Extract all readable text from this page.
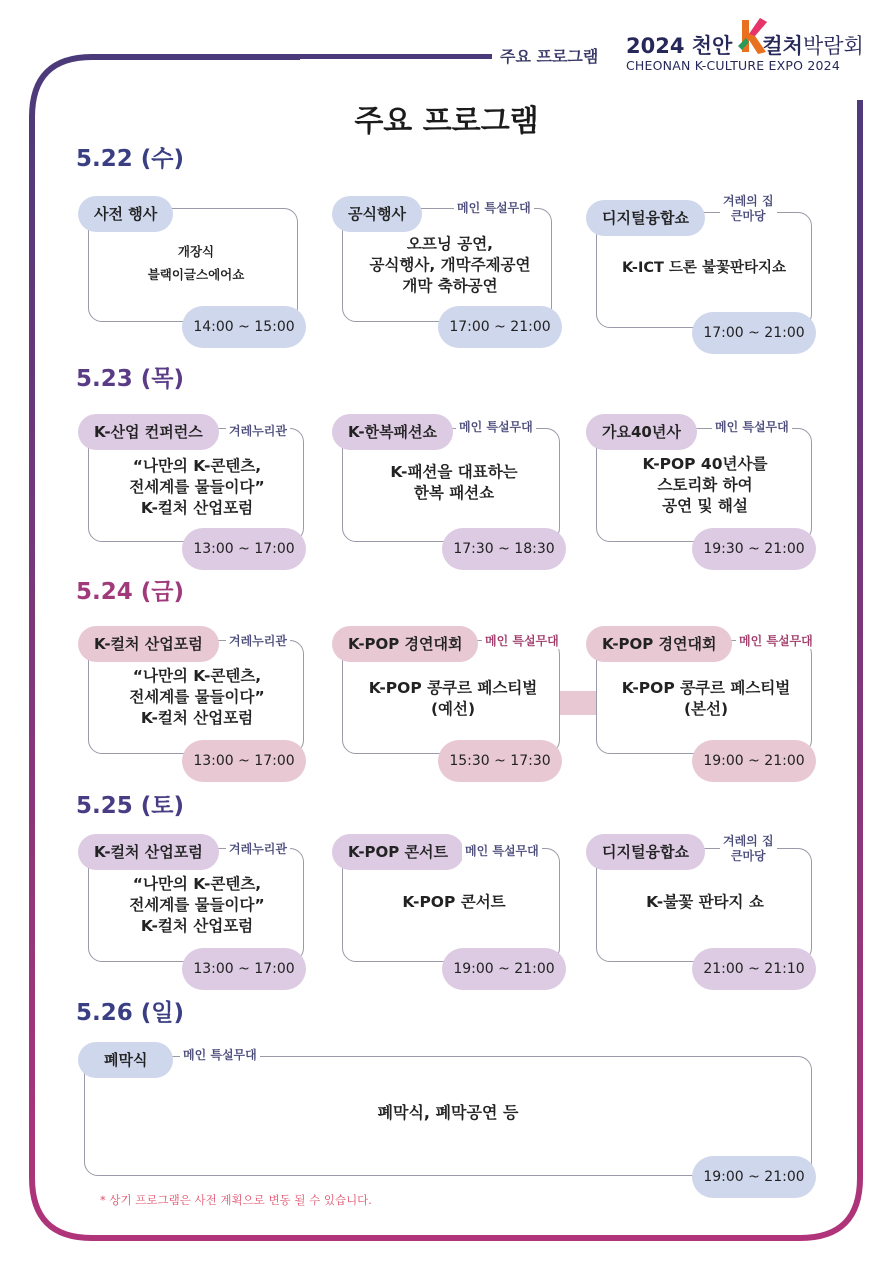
주요 프로그램 2024 천안 컬처박람회
CHEONAN K-CULTURE EXPO 2024
주요 프로그램
5.22 (수)
5.23 (목)
5.24 (금)
5.25 (토)
5.26 (일)
사전 행사
개장식
블랙이글스에어쇼
14:00 ~ 15:00
공식행사	메인 특설무대
오프닝 공연,
공식행사, 개막주제공연
개막 축하공연
17:00 ~ 21:00
디지털융합쇼
겨레의 집
큰마당
K-ICT 드론 불꽃판타지쇼
17:00 ~ 21:00
K-산업 컨퍼런스	겨레누리관
“나만의 K-콘텐츠,
전세계를 물들이다”
K-컬처 산업포럼
13:00 ~ 17:00
K-한복패션쇼	메인 특설무대
K-패션을 대표하는
한복 패션쇼
17:30 ~ 18:30
가요40년사	메인 특설무대
K-POP 40년사를
스토리화 하여
공연 및 해설
19:30 ~ 21:00
K-컬처 산업포럼	겨레누리관
“나만의 K-콘텐츠,
전세계를 물들이다”
K-컬처 산업포럼
13:00 ~ 17:00
K-POP 경연대회	메인 특설무대
K-POP 콩쿠르 페스티벌
(예선)
15:30 ~ 17:30
K-POP 경연대회	메인 특설무대
K-POP 콩쿠르 페스티벌
(본선)
19:00 ~ 21:00
K-컬처 산업포럼	겨레누리관
“나만의 K-콘텐츠,
전세계를 물들이다”
K-컬처 산업포럼
13:00 ~ 17:00
K-POP 콘서트	메인 특설무대
K-POP 콘서트
19:00 ~ 21:00
디지털융합쇼
겨레의 집
큰마당
K-불꽃 판타지 쇼
21:00 ~ 21:10
폐막식	메인 특설무대
폐막식, 폐막공연 등
19:00 ~ 21:00
* 상기 프로그램은 사전 계획으로 변동 될 수 있습니다.
